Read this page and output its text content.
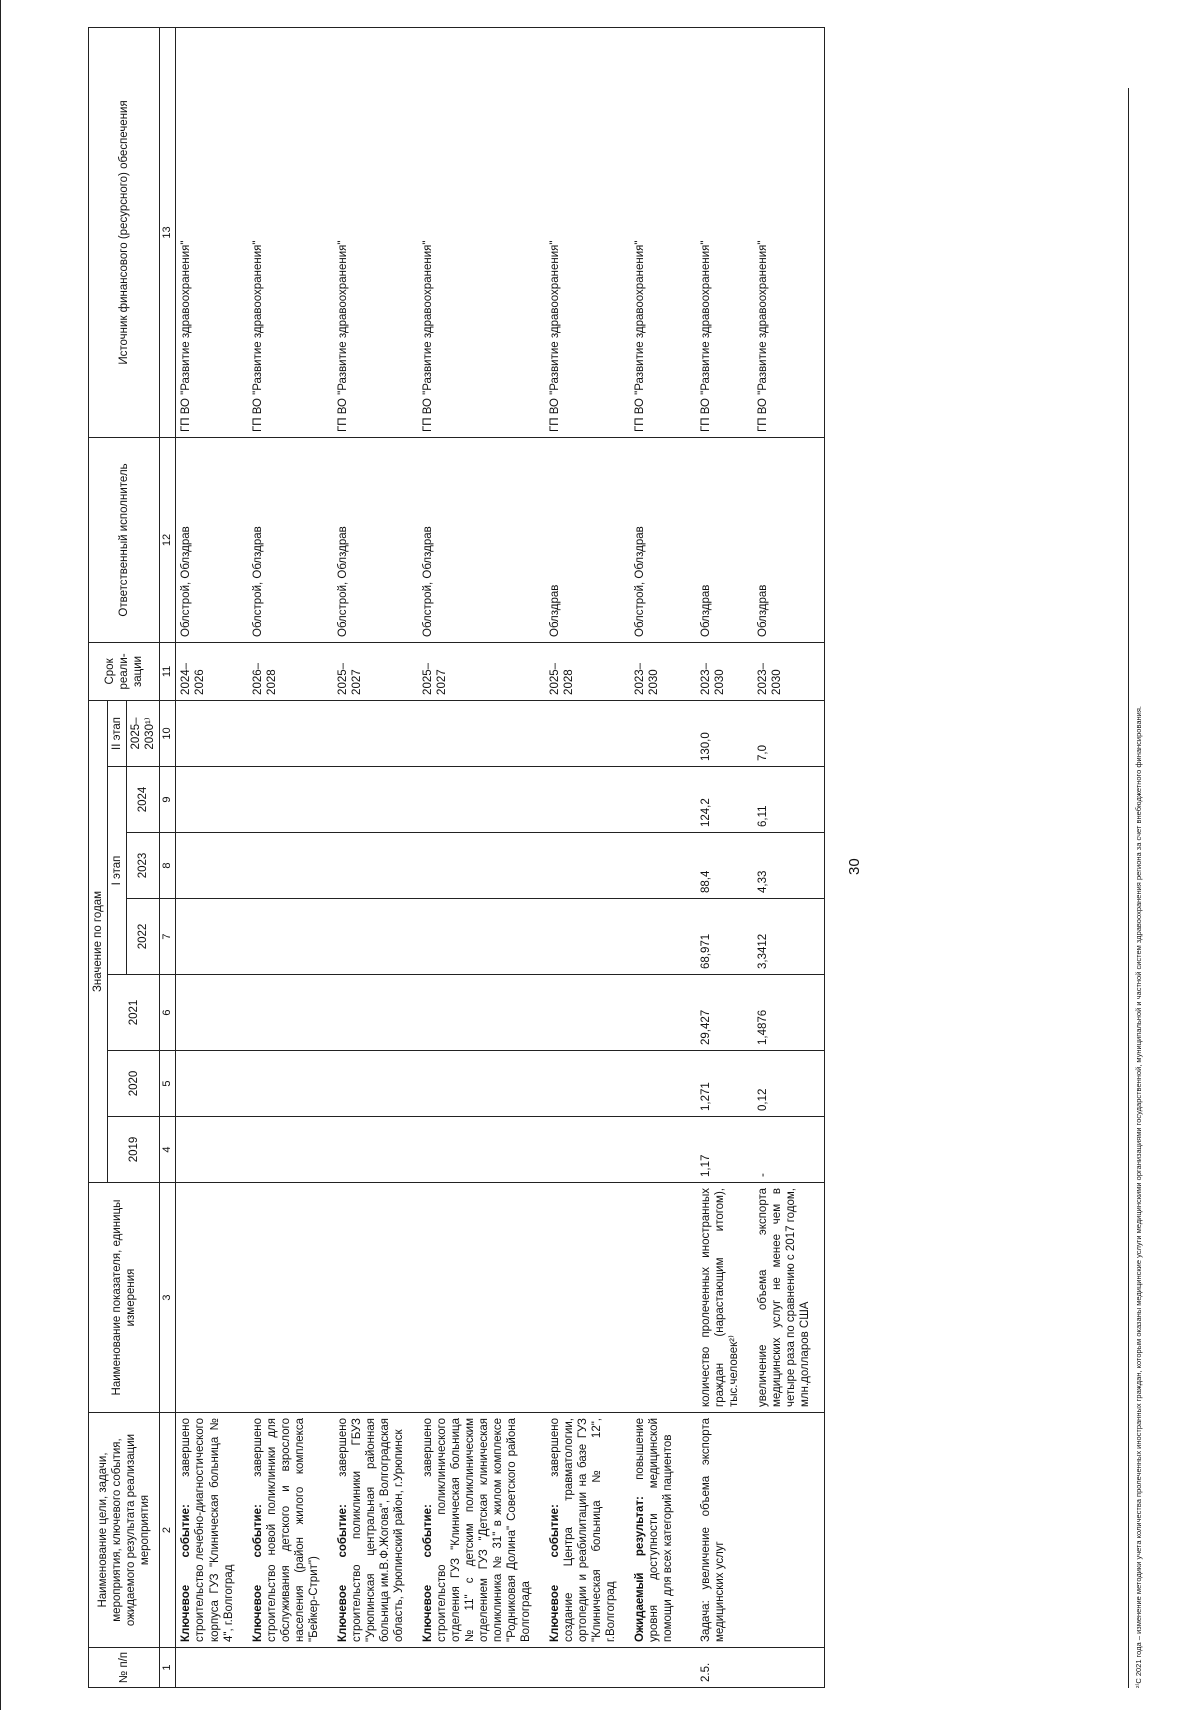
30
№ п/п	Наименование цели, задачи, мероприятия, ключевого события, ожидаемого результата реализации мероприятия	Наименование показателя, единицы измерения	Значение по годам							Срок реали-зации	Ответственный исполнитель	Источник финансового (ресурсного) обеспечения
			2019	2020	2021	I этап			II этап			
						2022	2023	2024	2025–2030¹⁾			

1	2	3	4	5	6	7	8	9	10	11	12	13
	Ключевое событие: завершено строительство лечебно-диагностического корпуса ГУЗ "Клиническая больница № 4", г.Волгоград									2024–2026	Облстрой, Облздрав	ГП ВО "Развитие здравоохранения"
	Ключевое событие: завершено строительство новой поликлиники для обслуживания детского и взрослого населения (район жилого комплекса "Бейкер-Стрит")									2026–2028	Облстрой, Облздрав	ГП ВО "Развитие здравоохранения"
	Ключевое событие: завершено строительство поликлиники ГБУЗ "Урюпинская центральная районная больница им.В.Ф.Жогова", Волгоградская область, Урюпинский район, г.Урюпинск									2025–2027	Облстрой, Облздрав	ГП ВО "Развитие здравоохранения"
	Ключевое событие: завершено строительство поликлинического отделения ГУЗ "Клиническая больница № 11" с детским поликлиническим отделением ГУЗ "Детская клиническая поликлиника № 31" в жилом комплексе "Родниковая Долина" Советского района Волгограда									2025–2027	Облстрой, Облздрав	ГП ВО "Развитие здравоохранения"
	Ключевое событие: завершено создание Центра травматологии, ортопедии и реабилитации на базе ГУЗ "Клиническая больница № 12", г.Волгоград									2025–2028	Облздрав	ГП ВО "Развитие здравоохранения"
	Ожидаемый результат: повышение уровня доступности медицинской помощи для всех категорий пациентов									2023–2030	Облстрой, Облздрав	ГП ВО "Развитие здравоохранения"
2.5.	Задача: увеличение объема экспорта медицинских услуг	количество пролеченных иностранных граждан (нарастающим итогом), тыс.человек²⁾	1,17	1,271	29,427	68,971	88,4	124,2	130,0	2023–2030	Облздрав	ГП ВО "Развитие здравоохранения"
		увеличение объема экспорта медицинских услуг не менее чем в четыре раза по сравнению с 2017 годом, млн.долларов США	-	0,12	1,4876	3,3412	4,33	6,11	7,0	2023–2030	Облздрав	ГП ВО "Развитие здравоохранения"
²⁾С 2021 года – изменение методики учета количества пролеченных иностранных граждан, которым оказаны медицинские услуги медицинскими организациями государственной, муниципальной и частной систем здравоохранения региона за счет внебюджетного финансирования.
